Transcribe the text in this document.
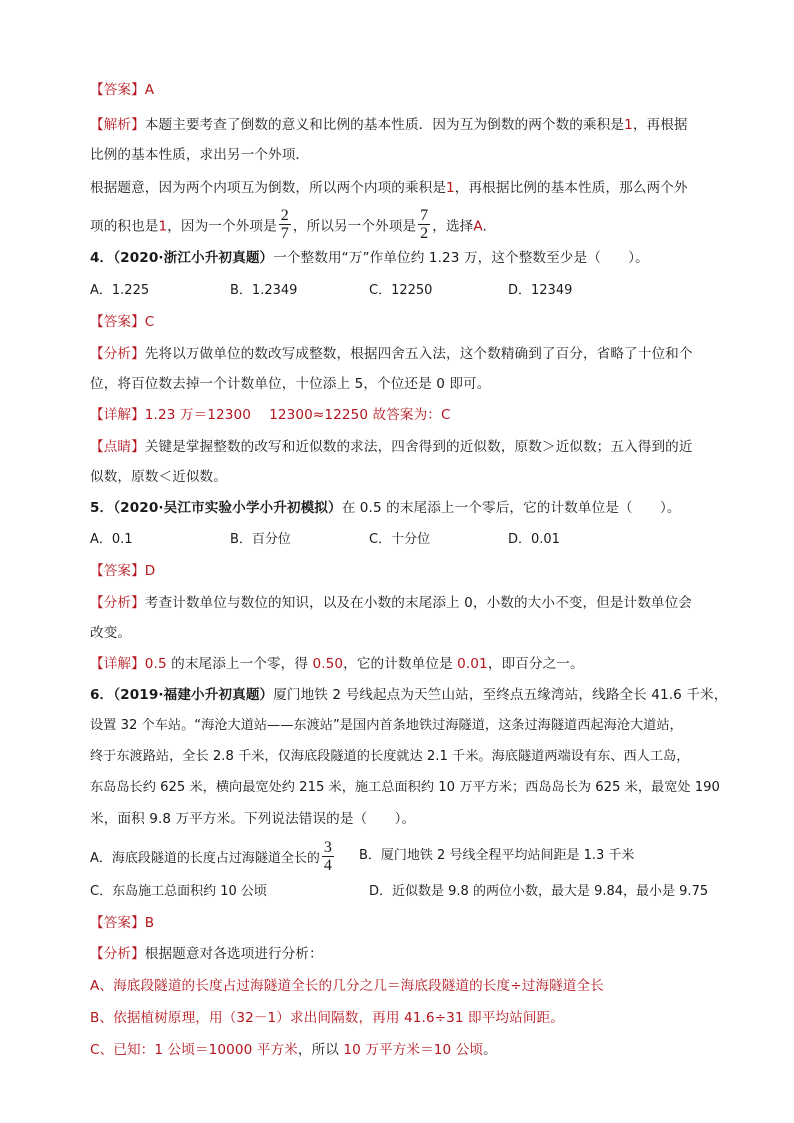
【答案】A
【解析】本题主要考查了倒数的意义和比例的基本性质．因为互为倒数的两个数的乘积是1，再根据
比例的基本性质，求出另一个外项．
根据题意，因为两个内项互为倒数，所以两个内项的乘积是1，再根据比例的基本性质，那么两个外
项的积也是1，因为一个外项是 $\frac{2}{7}$ ，所以另一个外项是 $\frac{7}{2}$ ，选择A.
4．（2020·浙江小升初真题）一个整数用“万”作单位约 1.23 万，这个整数至少是（　　）。
A．1.225	B．1.2349	C．12250	D．12349
【答案】C
【分析】先将以万做单位的数改写成整数，根据四舍五入法，这个数精确到了百分，省略了十位和个
位，将百位数去掉一个计数单位，十位添上 5，个位还是 0 即可。
【详解】1.23 万＝12300　 12300≈12250 故答案为：C
【点睛】关键是掌握整数的改写和近似数的求法，四舍得到的近似数，原数＞近似数；五入得到的近
似数，原数＜近似数。
5．（2020·吴江市实验小学小升初模拟）在 0.5 的末尾添上一个零后，它的计数单位是（　　）。
A．0.1	B．百分位	C．十分位	D．0.01
【答案】D
【分析】考查计数单位与数位的知识，以及在小数的末尾添上 0，小数的大小不变，但是计数单位会
改变。
【详解】0.5 的末尾添上一个零，得 0.50，它的计数单位是 0.01，即百分之一。
6．（2019·福建小升初真题）厦门地铁 2 号线起点为天竺山站，至终点五缘湾站，线路全长 41.6 千米，
设置 32 个车站。“海沧大道站——东渡站”是国内首条地铁过海隧道，这条过海隧道西起海沧大道站，
终于东渡路站，全长 2.8 千米，仅海底段隧道的长度就达 2.1 千米。海底隧道两端设有东、西人工岛，
东岛岛长约 625 米，横向最宽处约 215 米，施工总面积约 10 万平方米；西岛岛长为 625 米，最宽处 190
米，面积 9.8 万平方米。下列说法错误的是（　　）。
A．海底段隧道的长度占过海隧道全长的 $\frac{3}{4}$ B．厦门地铁 2 号线全程平均站间距是 1.3 千米
C．东岛施工总面积约 10 公顷	D．近似数是 9.8 的两位小数，最大是 9.84，最小是 9.75
【答案】B
【分析】根据题意对各选项进行分析：
A、海底段隧道的长度占过海隧道全长的几分之几＝海底段隧道的长度÷过海隧道全长
B、依据植树原理，用（32－1）求出间隔数，再用 41.6÷31 即平均站间距。
C、已知：1 公顷＝10000 平方米，所以 10 万平方米＝10 公顷。
